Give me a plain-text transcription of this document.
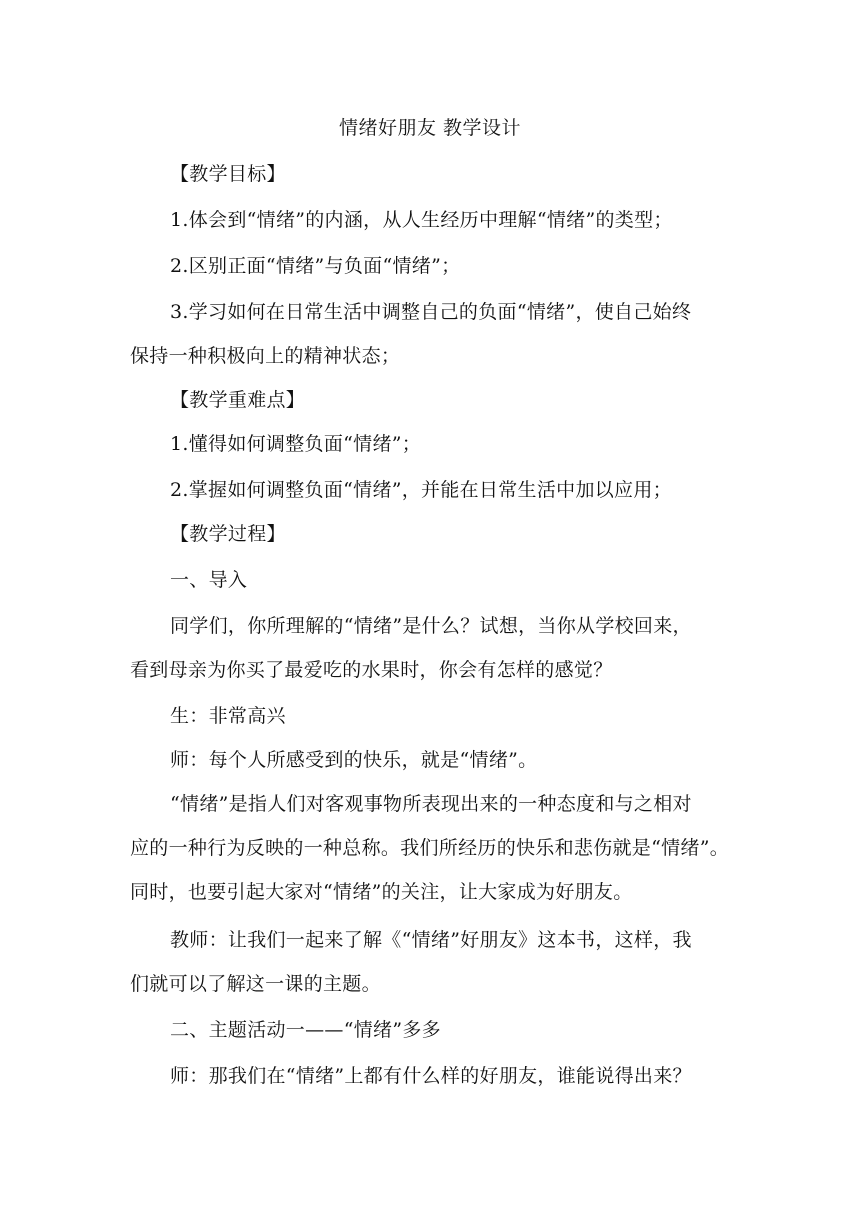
情绪好朋友 教学设计
【教学目标】
1.体会到“情绪”的内涵，从人生经历中理解“情绪”的类型；
2.区别正面“情绪”与负面“情绪”；
3.学习如何在日常生活中调整自己的负面“情绪”，使自己始终
保持一种积极向上的精神状态；
【教学重难点】
1.懂得如何调整负面“情绪”；
2.掌握如何调整负面“情绪”，并能在日常生活中加以应用；
【教学过程】
一、导入
同学们，你所理解的“情绪”是什么？试想，当你从学校回来，
看到母亲为你买了最爱吃的水果时，你会有怎样的感觉？
生：非常高兴
师：每个人所感受到的快乐，就是“情绪”。
“情绪”是指人们对客观事物所表现出来的一种态度和与之相对
应的一种行为反映的一种总称。我们所经历的快乐和悲伤就是“情绪”。
同时，也要引起大家对“情绪”的关注，让大家成为好朋友。
教师：让我们一起来了解《“情绪”好朋友》这本书，这样，我
们就可以了解这一课的主题。
二、主题活动一——“情绪”多多
师：那我们在“情绪”上都有什么样的好朋友，谁能说得出来？
